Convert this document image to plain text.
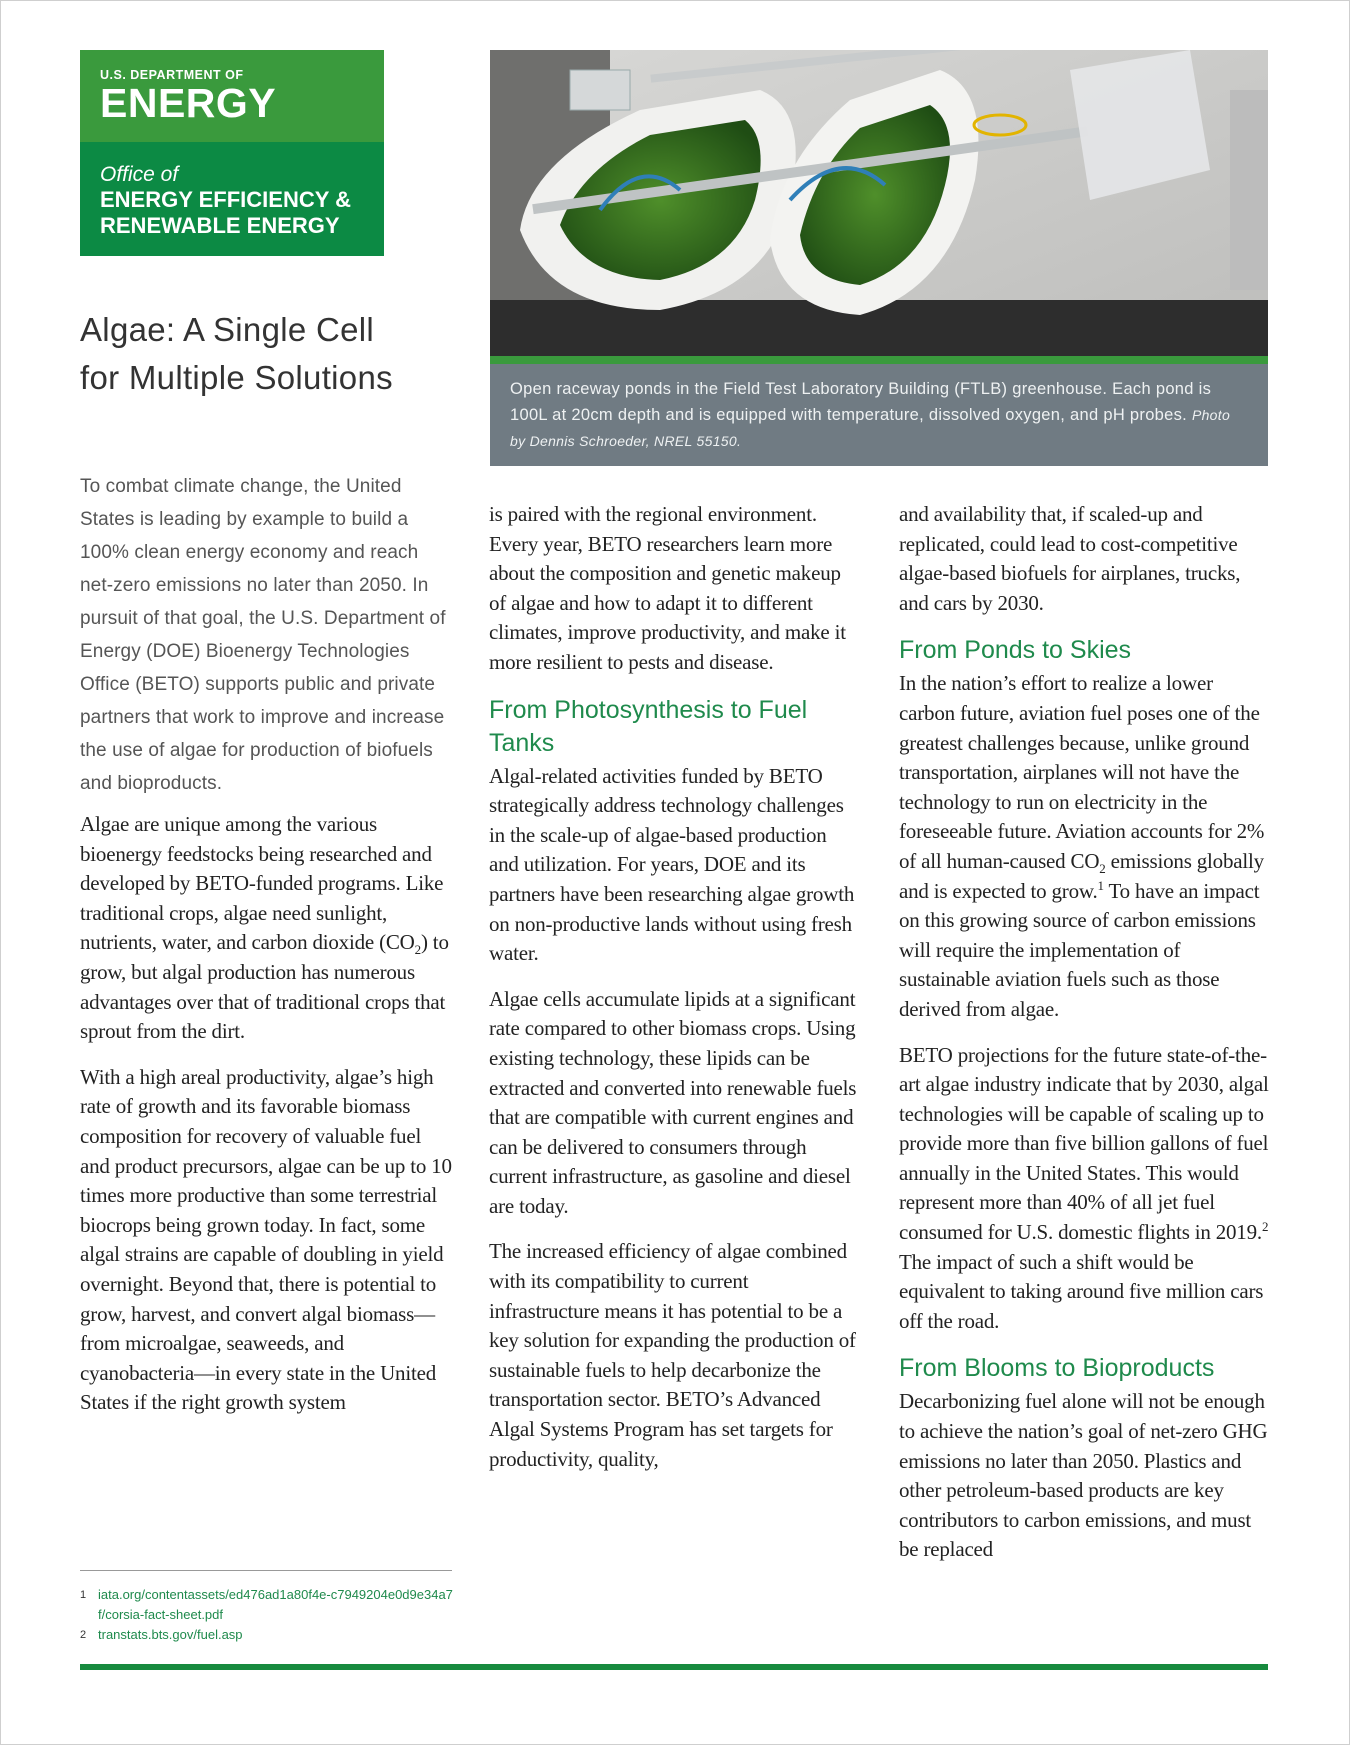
U.S. DEPARTMENT OF
ENERGY
Office of
ENERGY EFFICIENCY &
RENEWABLE ENERGY
Algae: A Single Cell for Multiple Solutions	Open raceway ponds in the Field Test Laboratory Building (FTLB) greenhouse. Each pond is 100L at 20cm depth and is equipped with temperature, dissolved oxygen, and pH probes. Photo by Dennis Schroeder, NREL 55150.

To combat climate change, the United States is leading by example to build a 100% clean energy economy and reach net-zero emissions no later than 2050. In pursuit of that goal, the U.S. Department of Energy (DOE) Bioenergy Technologies Office (BETO) supports public and private partners that work to improve and increase the use of algae for production of biofuels and bioproducts.

Algae are unique among the various bioenergy feedstocks being researched and developed by BETO-funded programs. Like traditional crops, algae need sunlight, nutrients, water, and carbon dioxide $(CO_2)$ to grow, but algal production has numerous advantages over that of traditional crops that sprout from the dirt.

With a high areal productivity, algae’s high rate of growth and its favorable biomass composition for recovery of valuable fuel and product precursors, algae can be up to 10 times more productive than some terrestrial biocrops being grown today. In fact, some algal strains are capable of doubling in yield overnight. Beyond that, there is potential to grow, harvest, and convert algal biomass—from microalgae, seaweeds, and cyanobacteria—in every state in the United States if the right growth system

is paired with the regional environment. Every year, BETO researchers learn more about the composition and genetic makeup of algae and how to adapt it to different climates, improve productivity, and make it more resilient to pests and disease.

From Photosynthesis to Fuel Tanks

Algal-related activities funded by BETO strategically address technology challenges in the scale-up of algae-based production and utilization. For years, DOE and its partners have been researching algae growth on non-productive lands without using fresh water.

Algae cells accumulate lipids at a significant rate compared to other biomass crops. Using existing technology, these lipids can be extracted and converted into renewable fuels that are compatible with current engines and can be delivered to consumers through current infrastructure, as gasoline and diesel are today.

The increased efficiency of algae combined with its compatibility to current infrastructure means it has potential to be a key solution for expanding the production of sustainable fuels to help decarbonize the transportation sector. BETO’s Advanced Algal Systems Program has set targets for productivity, quality,

and availability that, if scaled-up and replicated, could lead to cost-competitive algae-based biofuels for airplanes, trucks, and cars by 2030.

From Ponds to Skies

In the nation’s effort to realize a lower carbon future, aviation fuel poses one of the greatest challenges because, unlike ground transportation, airplanes will not have the technology to run on electricity in the foreseeable future. Aviation accounts for 2% of all human-caused $CO_2$ emissions globally and is expected to grow.$^1$ To have an impact on this growing source of carbon emissions will require the implementation of sustainable aviation fuels such as those derived from algae.

BETO projections for the future state-of-the-art algae industry indicate that by 2030, algal technologies will be capable of scaling up to provide more than five billion gallons of fuel annually in the United States. This would represent more than 40% of all jet fuel consumed for U.S. domestic flights in 2019.$^2$ The impact of such a shift would be equivalent to taking around five million cars off the road.

From Blooms to Bioproducts

Decarbonizing fuel alone will not be enough to achieve the nation’s goal of net-zero GHG emissions no later than 2050. Plastics and other petroleum-based products are key contributors to carbon emissions, and must be replaced

1 iata.org/contentassets/ed476ad1a80f4e-c7949204e0d9e34a7f/corsia-fact-sheet.pdf
2 transtats.bts.gov/fuel.asp
